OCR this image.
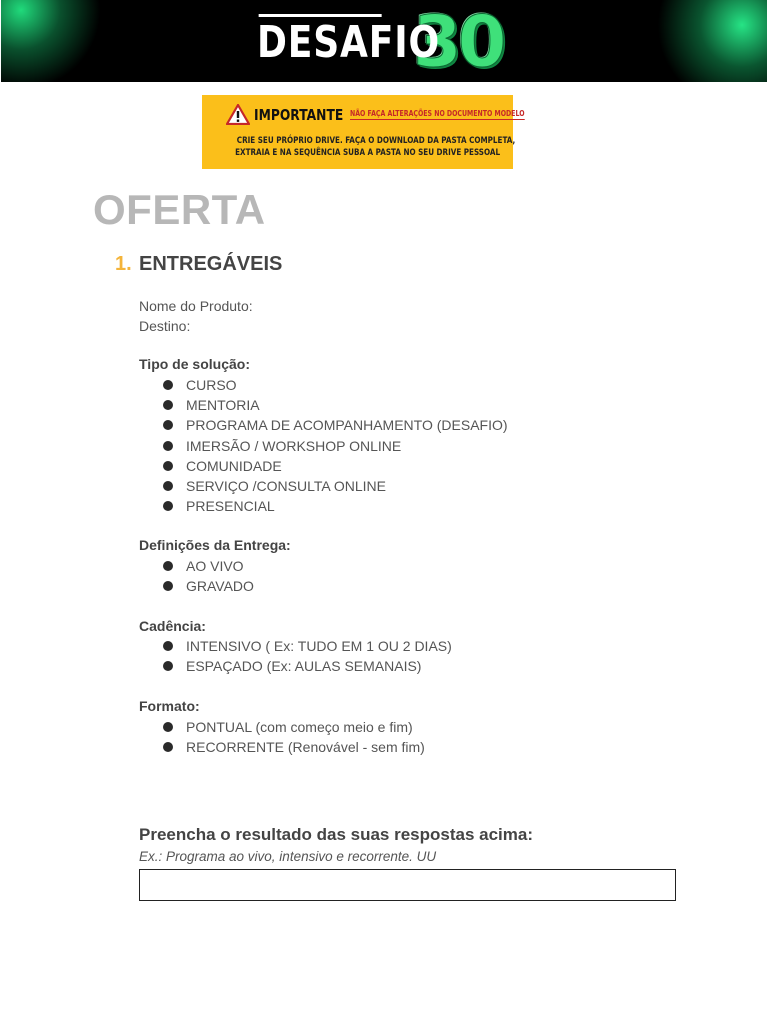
DESAFIO
30
IMPORTANTE NÃO FAÇA ALTERAÇÕES NO DOCUMENTO MODELO
CRIE SEU PRÓPRIO DRIVE. FAÇA O DOWNLOAD DA PASTA COMPLETA,
EXTRAIA E NA SEQUÊNCIA SUBA A PASTA NO SEU DRIVE PESSOAL
OFERTA
1. ENTREGÁVEIS
Nome do Produto:
Destino:
Tipo de solução:
CURSO
MENTORIA
PROGRAMA DE ACOMPANHAMENTO (DESAFIO)
IMERSÃO / WORKSHOP ONLINE
COMUNIDADE
SERVIÇO /CONSULTA ONLINE
PRESENCIAL
Definições da Entrega:
AO VIVO
GRAVADO
Cadência:
INTENSIVO ( Ex: TUDO EM 1 OU 2 DIAS)
ESPAÇADO (Ex: AULAS SEMANAIS)
Formato:
PONTUAL (com começo meio e fim)
RECORRENTE (Renovável - sem fim)
Preencha o resultado das suas respostas acima:
Ex.: Programa ao vivo, intensivo e recorrente. UU
